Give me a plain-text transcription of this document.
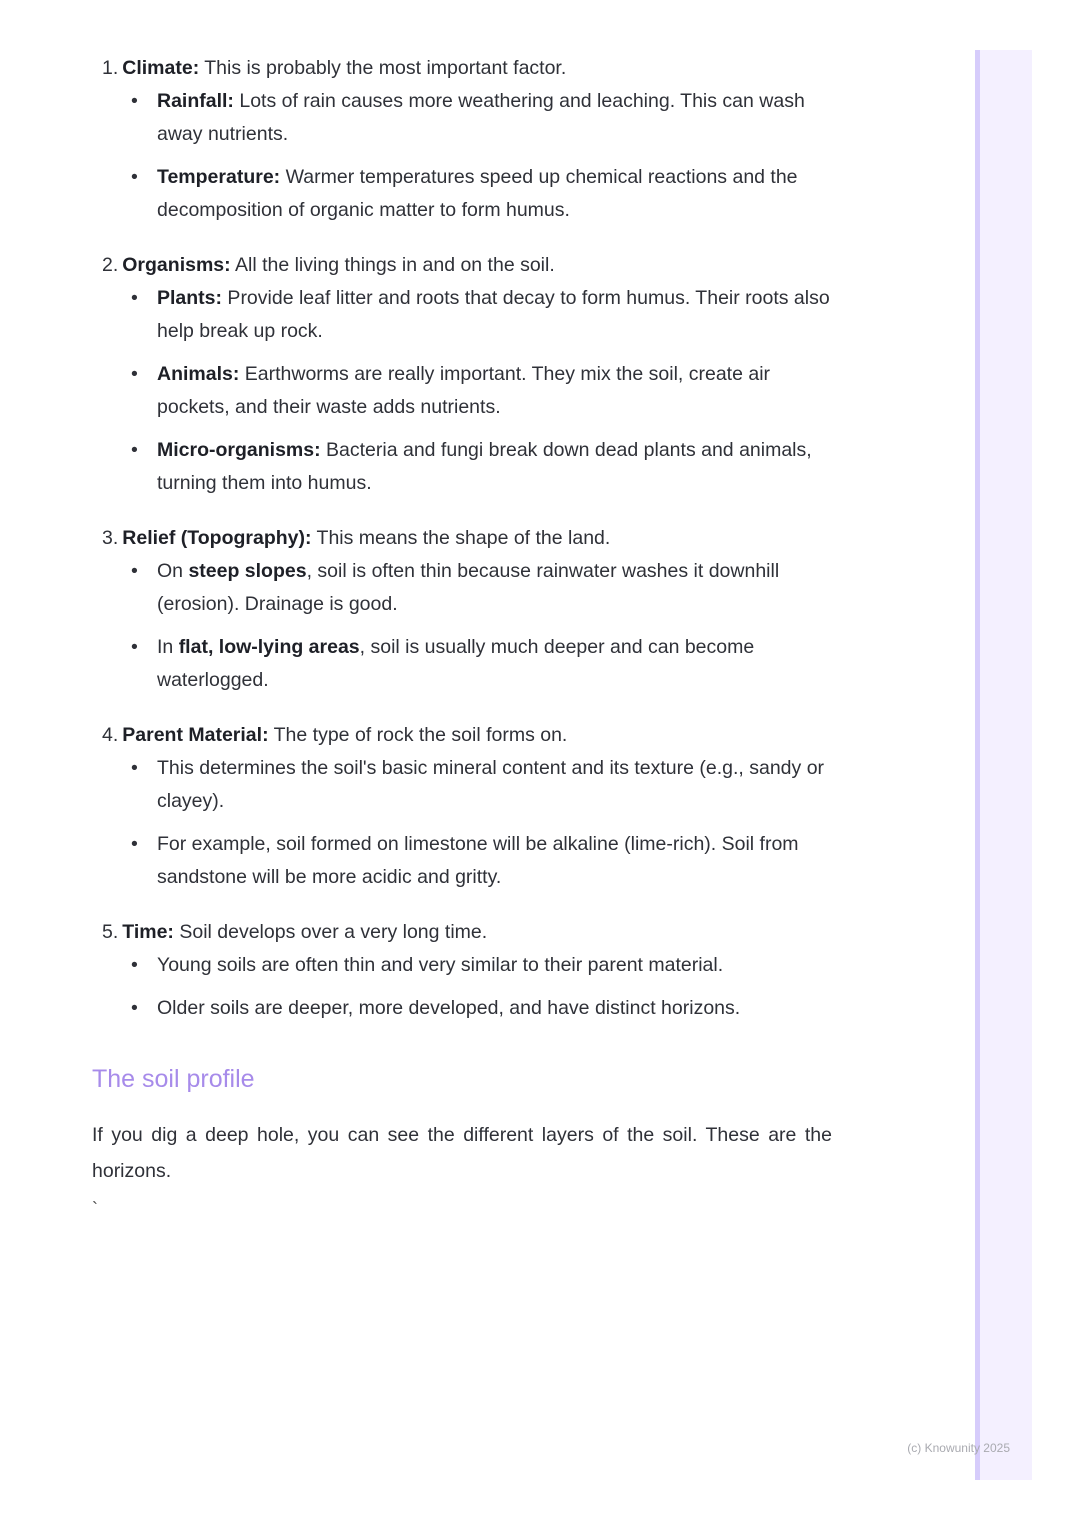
1. Climate: This is probably the most important factor.
• Rainfall: Lots of rain causes more weathering and leaching. This can wash away nutrients.
• Temperature: Warmer temperatures speed up chemical reactions and the decomposition of organic matter to form humus.
2. Organisms: All the living things in and on the soil.
• Plants: Provide leaf litter and roots that decay to form humus. Their roots also help break up rock.
• Animals: Earthworms are really important. They mix the soil, create air pockets, and their waste adds nutrients.
• Micro-organisms: Bacteria and fungi break down dead plants and animals, turning them into humus.
3. Relief (Topography): This means the shape of the land.
• On steep slopes, soil is often thin because rainwater washes it downhill (erosion). Drainage is good.
• In flat, low-lying areas, soil is usually much deeper and can become waterlogged.
4. Parent Material: The type of rock the soil forms on.
• This determines the soil's basic mineral content and its texture (e.g., sandy or clayey).
• For example, soil formed on limestone will be alkaline (lime-rich). Soil from sandstone will be more acidic and gritty.
5. Time: Soil develops over a very long time.
• Young soils are often thin and very similar to their parent material.
• Older soils are deeper, more developed, and have distinct horizons.
The soil profile

If you dig a deep hole, you can see the different layers of the soil. These are the horizons.

`
(c) Knowunity 2025
